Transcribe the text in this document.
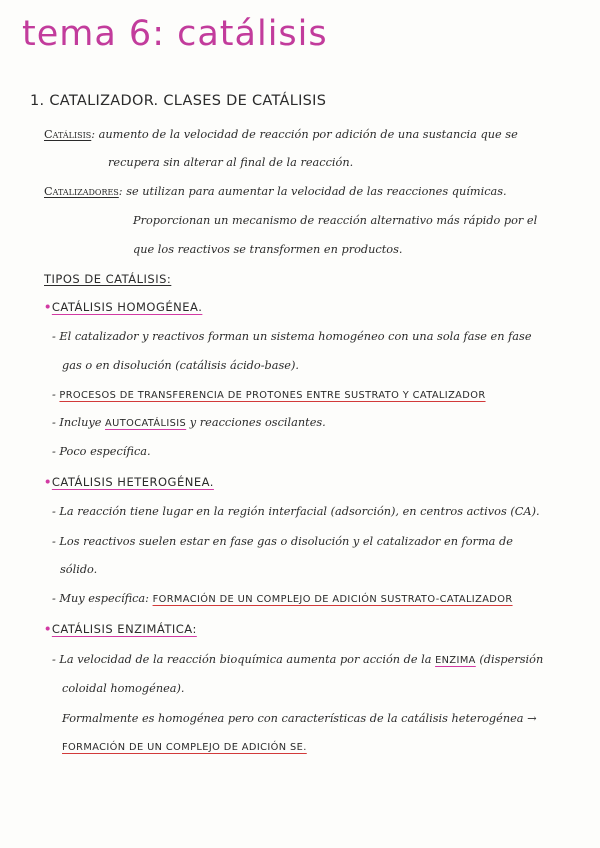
tema 6: catálisis
1. CATALIZADOR. CLASES DE CATÁLISIS
Catálisis: aumento de la velocidad de reacción por adición de una sustancia que se
recupera sin alterar al final de la reacción.
Catalizadores: se utilizan para aumentar la velocidad de las reacciones químicas.
Proporcionan un mecanismo de reacción alternativo más rápido por el
que los reactivos se transformen en productos.
TIPOS DE CATÁLISIS:
•CATÁLISIS HOMOGÉNEA.
- El catalizador y reactivos forman un sistema homogéneo con una sola fase en fase
gas o en disolución (catálisis ácido-base).
- PROCESOS DE TRANSFERENCIA DE PROTONES ENTRE SUSTRATO Y CATALIZADOR
- Incluye AUTOCATÁLISIS y reacciones oscilantes.
- Poco específica.
•CATÁLISIS HETEROGÉNEA.
- La reacción tiene lugar en la región interfacial (adsorción), en centros activos (CA).
- Los reactivos suelen estar en fase gas o disolución y el catalizador en forma de
sólido.
- Muy específica: FORMACIÓN DE UN COMPLEJO DE ADICIÓN SUSTRATO-CATALIZADOR
•CATÁLISIS ENZIMÁTICA:
- La velocidad de la reacción bioquímica aumenta por acción de la ENZIMA (dispersión
coloidal homogénea).
Formalmente es homogénea pero con características de la catálisis heterogénea →
FORMACIÓN DE UN COMPLEJO DE ADICIÓN SE.
